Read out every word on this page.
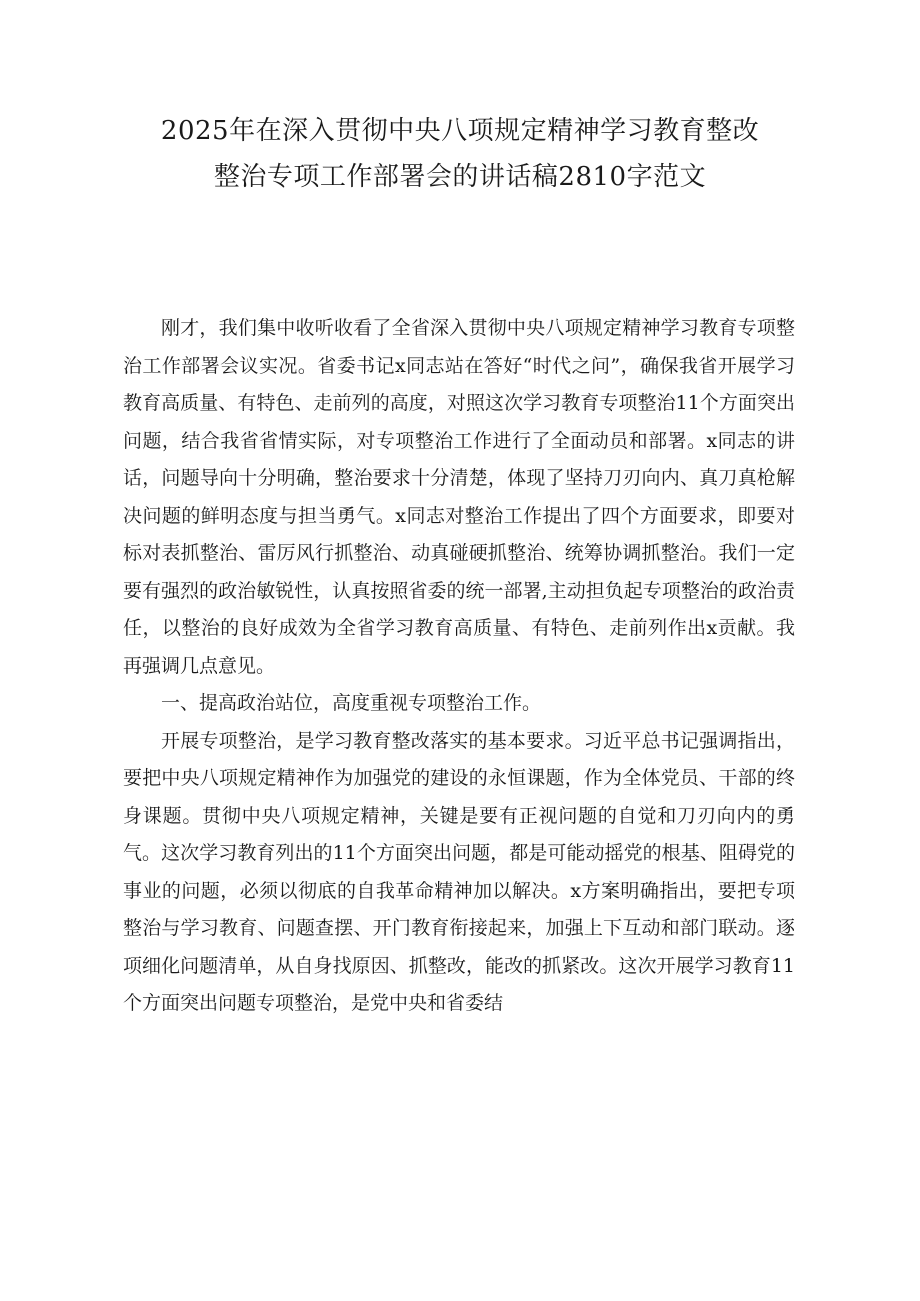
2025年在深入贯彻中央八项规定精神学习教育整改
整治专项工作部署会的讲话稿2810字范文

刚才，我们集中收听收看了全省深入贯彻中央八项规定精神学习教育专项整治工作部署会议实况。省委书记x同志站在答好“时代之问”，确保我省开展学习教育高质量、有特色、走前列的高度，对照这次学习教育专项整治11个方面突出问题，结合我省省情实际，对专项整治工作进行了全面动员和部署。x同志的讲话，问题导向十分明确，整治要求十分清楚，体现了坚持刀刃向内、真刀真枪解决问题的鲜明态度与担当勇气。x同志对整治工作提出了四个方面要求，即要对标对表抓整治、雷厉风行抓整治、动真碰硬抓整治、统筹协调抓整治。我们一定要有强烈的政治敏锐性，认真按照省委的统一部署,主动担负起专项整治的政治责任，以整治的良好成效为全省学习教育高质量、有特色、走前列作出x贡献。我再强调几点意见。

一、提高政治站位，高度重视专项整治工作。

开展专项整治，是学习教育整改落实的基本要求。习近平总书记强调指出，要把中央八项规定精神作为加强党的建设的永恒课题，作为全体党员、干部的终身课题。贯彻中央八项规定精神，关键是要有正视问题的自觉和刀刃向内的勇气。这次学习教育列出的11个方面突出问题，都是可能动摇党的根基、阻碍党的事业的问题，必须以彻底的自我革命精神加以解决。x方案明确指出，要把专项整治与学习教育、问题查摆、开门教育衔接起来，加强上下互动和部门联动。逐项细化问题清单，从自身找原因、抓整改，能改的抓紧改。这次开展学习教育11个方面突出问题专项整治，是党中央和省委结
